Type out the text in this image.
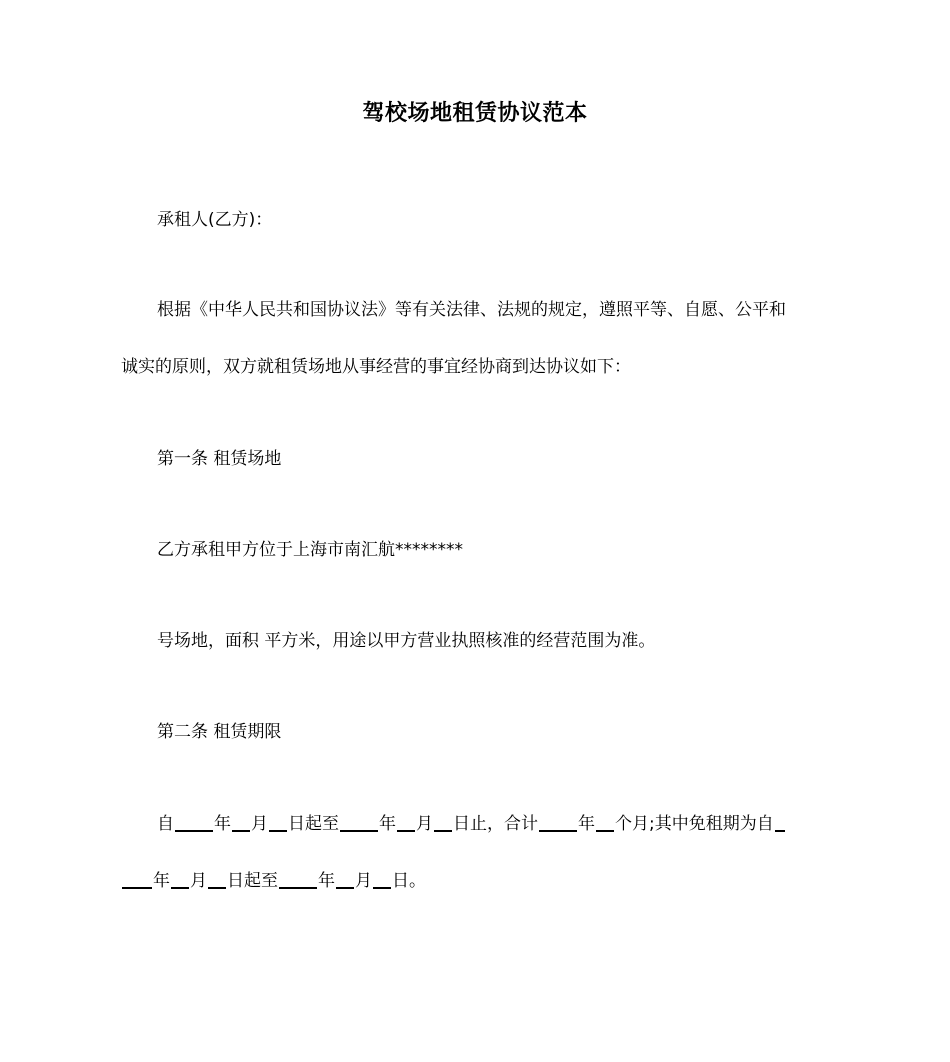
驾校场地租赁协议范本
承租人(乙方)：
根据《中华人民共和国协议法》等有关法律、法规的规定，遵照平等、自愿、公平和
诚实的原则，双方就租赁场地从事经营的事宜经协商到达协议如下：
第一条 租赁场地
乙方承租甲方位于上海市南汇航********
号场地，面积 平方米，用途以甲方营业执照核准的经营范围为准。
第二条 租赁期限
自 年 月 日起至 年 月 日止，合计 年 个月;其中免租期为自
年 月 日起至 年 月 日。
